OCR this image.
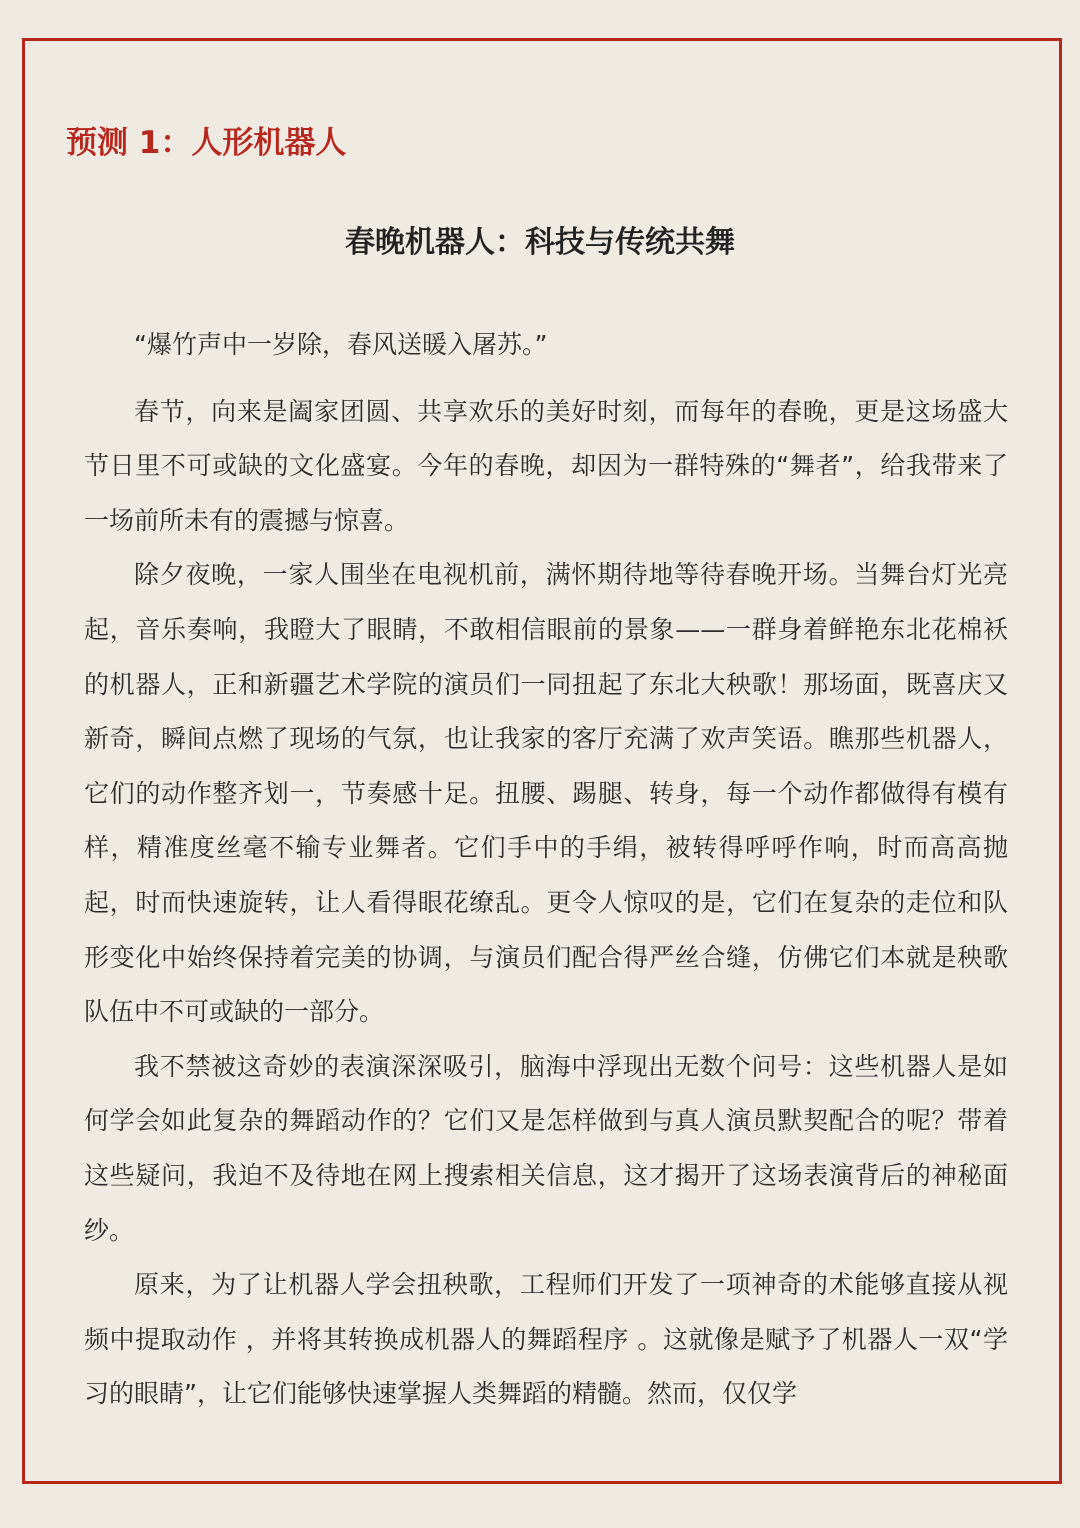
预测 1：人形机器人
春晚机器人：科技与传统共舞

“爆竹声中一岁除，春风送暖入屠苏。”

春节，向来是阖家团圆、共享欢乐的美好时刻，而每年的春晚，更是这场盛大节日里不可或缺的文化盛宴。今年的春晚，却因为一群特殊的“舞者”，给我带来了一场前所未有的震撼与惊喜。

除夕夜晚，一家人围坐在电视机前，满怀期待地等待春晚开场。当舞台灯光亮起，音乐奏响，我瞪大了眼睛，不敢相信眼前的景象——一群身着鲜艳东北花棉袄的机器人，正和新疆艺术学院的演员们一同扭起了东北大秧歌！那场面，既喜庆又新奇，瞬间点燃了现场的气氛，也让我家的客厅充满了欢声笑语。瞧那些机器人，它们的动作整齐划一，节奏感十足。扭腰、踢腿、转身，每一个动作都做得有模有样，精准度丝毫不输专业舞者。它们手中的手绢，被转得呼呼作响，时而高高抛起，时而快速旋转，让人看得眼花缭乱。更令人惊叹的是，它们在复杂的走位和队形变化中始终保持着完美的协调，与演员们配合得严丝合缝，仿佛它们本就是秧歌队伍中不可或缺的一部分。

我不禁被这奇妙的表演深深吸引，脑海中浮现出无数个问号：这些机器人是如何学会如此复杂的舞蹈动作的？它们又是怎样做到与真人演员默契配合的呢？带着这些疑问，我迫不及待地在网上搜索相关信息，这才揭开了这场表演背后的神秘面纱。

原来，为了让机器人学会扭秧歌，工程师们开发了一项神奇的术能够直接从视频中提取动作 ，并将其转换成机器人的舞蹈程序 。这就像是赋予了机器人一双“学习的眼睛”，让它们能够快速掌握人类舞蹈的精髓。然而，仅仅学
